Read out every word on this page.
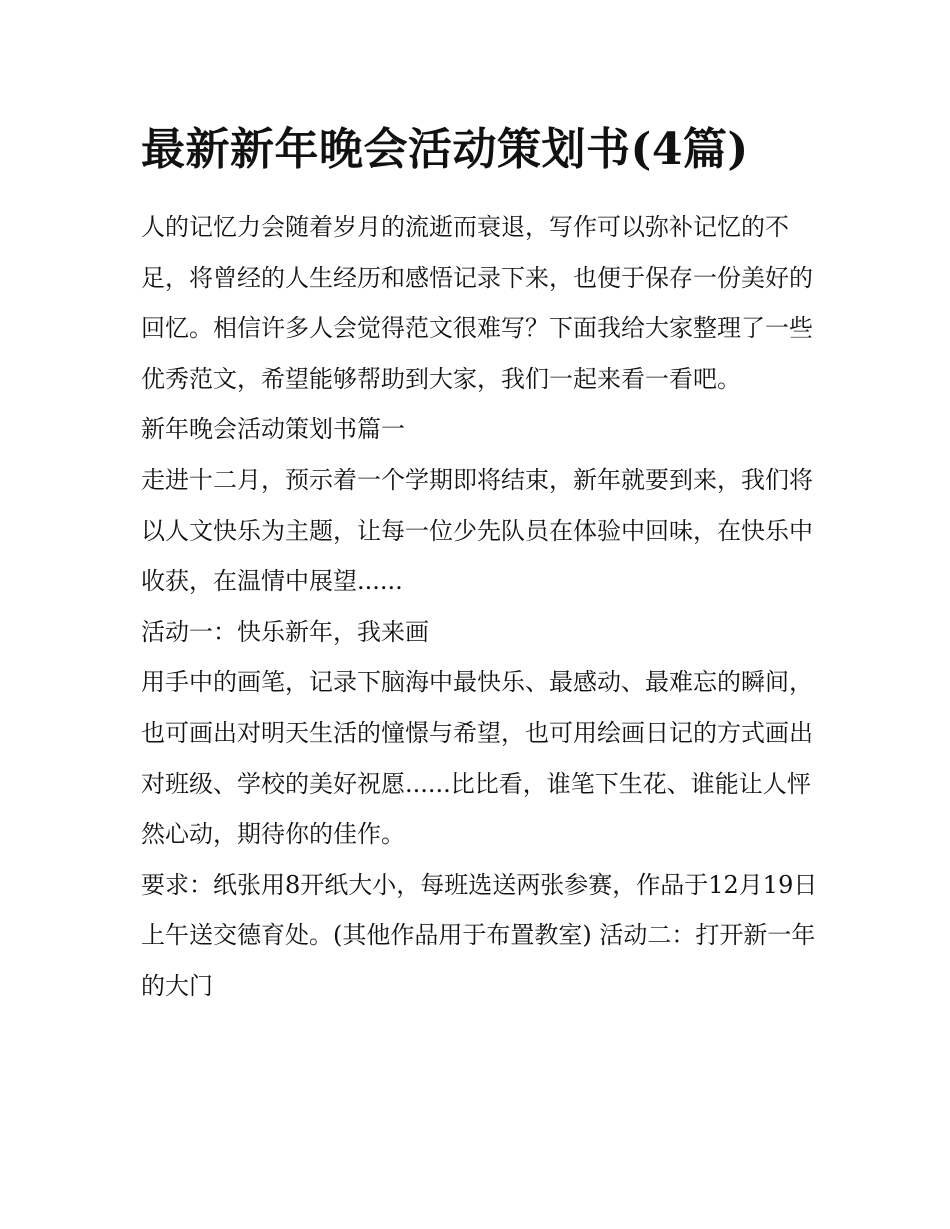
最新新年晚会活动策划书(4篇)

人的记忆力会随着岁月的流逝而衰退，写作可以弥补记忆的不足，将曾经的人生经历和感悟记录下来，也便于保存一份美好的回忆。相信许多人会觉得范文很难写？下面我给大家整理了一些优秀范文，希望能够帮助到大家，我们一起来看一看吧。

新年晚会活动策划书篇一

走进十二月，预示着一个学期即将结束，新年就要到来，我们将以人文快乐为主题，让每一位少先队员在体验中回味，在快乐中收获，在温情中展望......

活动一：快乐新年，我来画

用手中的画笔，记录下脑海中最快乐、最感动、最难忘的瞬间，也可画出对明天生活的憧憬与希望，也可用绘画日记的方式画出对班级、学校的美好祝愿......比比看，谁笔下生花、谁能让人怦然心动，期待你的佳作。

要求：纸张用8开纸大小，每班选送两张参赛，作品于12月19日上午送交德育处。(其他作品用于布置教室) 活动二：打开新一年的大门
